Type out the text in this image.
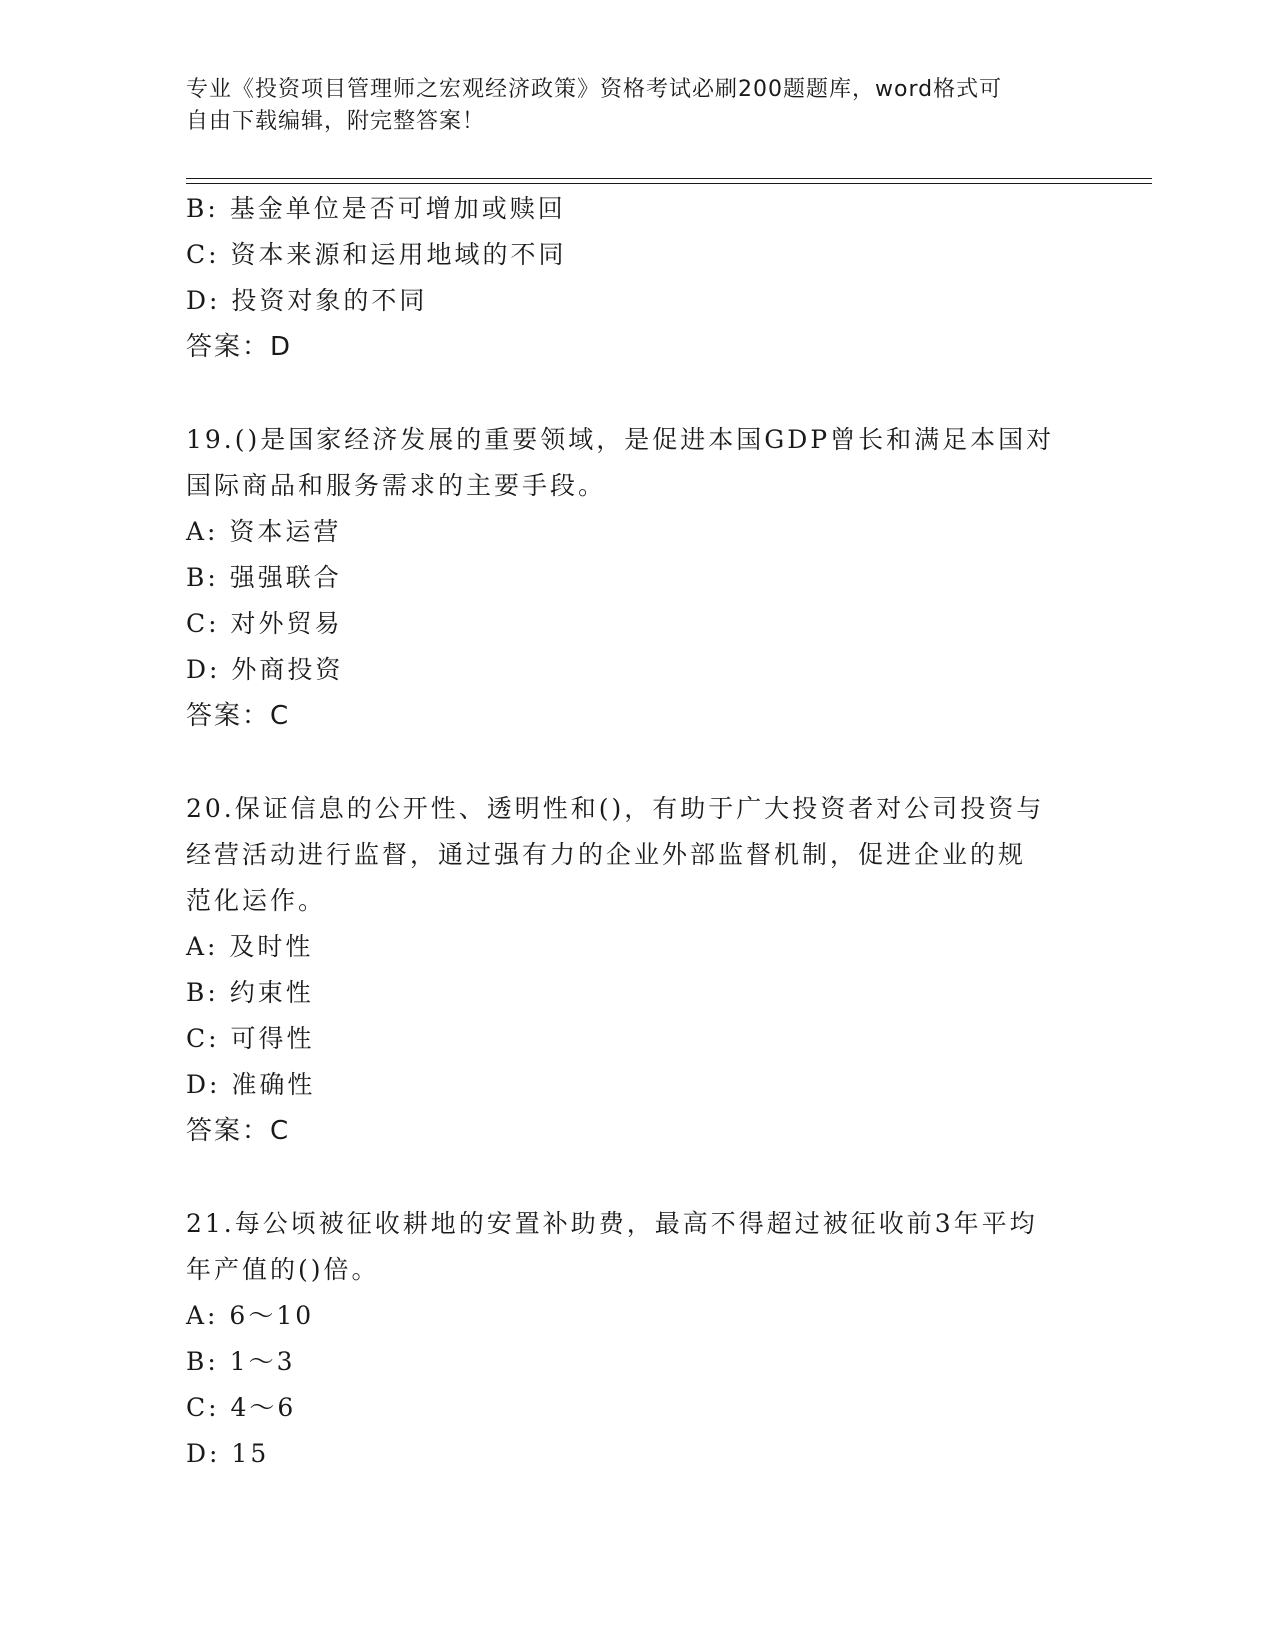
专业《投资项目管理师之宏观经济政策》资格考试必刷200题题库，word格式可
自由下载编辑，附完整答案！
B: 基金单位是否可增加或赎回
C: 资本来源和运用地域的不同
D: 投资对象的不同
答案：D
19.()是国家经济发展的重要领域，是促进本国GDP曾长和满足本国对
国际商品和服务需求的主要手段。
A: 资本运营
B: 强强联合
C: 对外贸易
D: 外商投资
答案：C
20.保证信息的公开性、透明性和()，有助于广大投资者对公司投资与
经营活动进行监督，通过强有力的企业外部监督机制，促进企业的规
范化运作。
A: 及时性
B: 约束性
C: 可得性
D: 准确性
答案：C
21.每公顷被征收耕地的安置补助费，最高不得超过被征收前3年平均
年产值的()倍。
A: 6～10
B: 1～3
C: 4～6
D: 15
